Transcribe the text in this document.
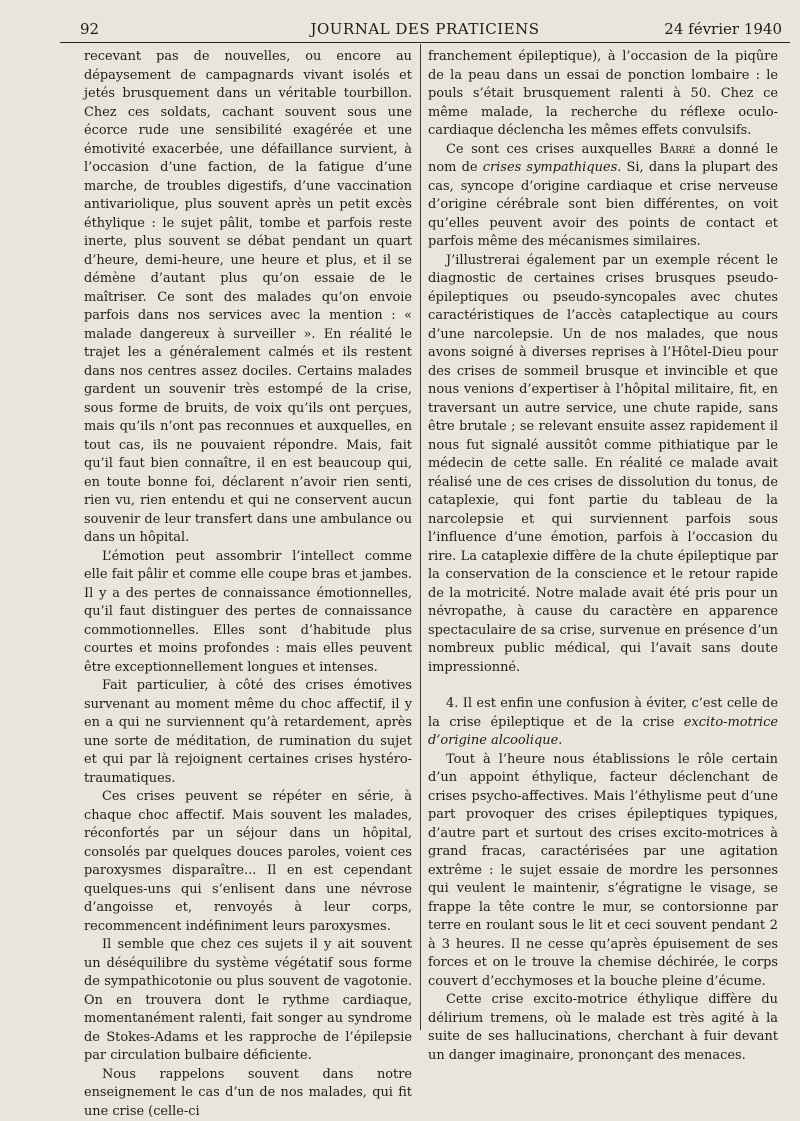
92	JOURNAL DES PRATICIENS	24 février 1940

recevant pas de nouvelles, ou encore au dépaysement de campagnards vivant isolés et jetés brusquement dans un véritable tourbillon. Chez ces soldats, cachant souvent sous une écorce rude une sensibilité exagérée et une émotivité exacerbée, une défaillance survient, à l’occasion d’une faction, de la fatigue d’une marche, de troubles digestifs, d’une vaccination antivariolique, plus souvent après un petit excès éthylique : le sujet pâlit, tombe et parfois reste inerte, plus souvent se débat pendant un quart d’heure, demi-heure, une heure et plus, et il se démène d’autant plus qu’on essaie de le maîtriser. Ce sont des malades qu’on envoie parfois dans nos services avec la mention : « malade dangereux à surveiller ». En réalité le trajet les a généralement calmés et ils restent dans nos centres assez dociles. Certains malades gardent un souvenir très estompé de la crise, sous forme de bruits, de voix qu’ils ont perçues, mais qu’ils n’ont pas reconnues et auxquelles, en tout cas, ils ne pouvaient répondre. Mais, fait qu’il faut bien connaître, il en est beaucoup qui, en toute bonne foi, déclarent n’avoir rien senti, rien vu, rien entendu et qui ne conservent aucun souvenir de leur transfert dans une ambulance ou dans un hôpital.

L’émotion peut assombrir l’intellect comme elle fait pâlir et comme elle coupe bras et jambes. Il y a des pertes de connaissance émotionnelles, qu’il faut distinguer des pertes de connaissance commotionnelles. Elles sont d’habitude plus courtes et moins profondes : mais elles peuvent être exceptionnellement longues et intenses.

Fait particulier, à côté des crises émotives survenant au moment même du choc affectif, il y en a qui ne surviennent qu’à retardement, après une sorte de méditation, de rumination du sujet et qui par là rejoignent certaines crises hystéro-traumatiques.

Ces crises peuvent se répéter en série, à chaque choc affectif. Mais souvent les malades, réconfortés par un séjour dans un hôpital, consolés par quelques douces paroles, voient ces paroxysmes disparaître... Il en est cependant quelques-uns qui s’enlisent dans une névrose d’angoisse et, renvoyés à leur corps, recommencent indéfiniment leurs paroxysmes.

Il semble que chez ces sujets il y ait souvent un déséquilibre du système végétatif sous forme de sympathicotonie ou plus souvent de vagotonie. On en trouvera dont le rythme cardiaque, momentanément ralenti, fait songer au syndrome de Stokes-Adams et les rapproche de l’épilepsie par circulation bulbaire déficiente.

Nous rappelons souvent dans notre enseignement le cas d’un de nos malades, qui fit une crise (celle-ci

franchement épileptique), à l’occasion de la piqûre de la peau dans un essai de ponction lombaire : le pouls s’était brusquement ralenti à 50. Chez ce même malade, la recherche du réflexe oculo-cardiaque déclencha les mêmes effets convulsifs.

Ce sont ces crises auxquelles Barré a donné le nom de crises sympathiques. Si, dans la plupart des cas, syncope d’origine cardiaque et crise nerveuse d’origine cérébrale sont bien différentes, on voit qu’elles peuvent avoir des points de contact et parfois même des mécanismes similaires.

J’illustrerai également par un exemple récent le diagnostic de certaines crises brusques pseudo-épileptiques ou pseudo-syncopales avec chutes caractéristiques de l’accès cataplectique au cours d’une narcolepsie. Un de nos malades, que nous avons soigné à diverses reprises à l’Hôtel-Dieu pour des crises de sommeil brusque et invincible et que nous venions d’expertiser à l’hôpital militaire, fit, en traversant un autre service, une chute rapide, sans être brutale ; se relevant ensuite assez rapidement il nous fut signalé aussitôt comme pithiatique par le médecin de cette salle. En réalité ce malade avait réalisé une de ces crises de dissolution du tonus, de cataplexie, qui font partie du tableau de la narcolepsie et qui surviennent parfois sous l’influence d’une émotion, parfois à l’occasion du rire. La cataplexie diffère de la chute épileptique par la conservation de la conscience et le retour rapide de la motricité. Notre malade avait été pris pour un névropathe, à cause du caractère en apparence spectaculaire de sa crise, survenue en présence d’un nombreux public médical, qui l’avait sans doute impressionné.

4. Il est enfin une confusion à éviter, c’est celle de la crise épileptique et de la crise excito-motrice d’origine alcoolique.

Tout à l’heure nous établissions le rôle certain d’un appoint éthylique, facteur déclenchant de crises psycho-affectives. Mais l’éthylisme peut d’une part provoquer des crises épileptiques typiques, d’autre part et surtout des crises excito-motrices à grand fracas, caractérisées par une agitation extrême : le sujet essaie de mordre les personnes qui veulent le maintenir, s’égratigne le visage, se frappe la tête contre le mur, se contorsionne par terre en roulant sous le lit et ceci souvent pendant 2 à 3 heures. Il ne cesse qu’après épuisement de ses forces et on le trouve la chemise déchirée, le corps couvert d’ecchymoses et la bouche pleine d’écume.

Cette crise excito-motrice éthylique diffère du délirium tremens, où le malade est très agité à la suite de ses hallucinations, cherchant à fuir devant un danger imaginaire, prononçant des menaces.
